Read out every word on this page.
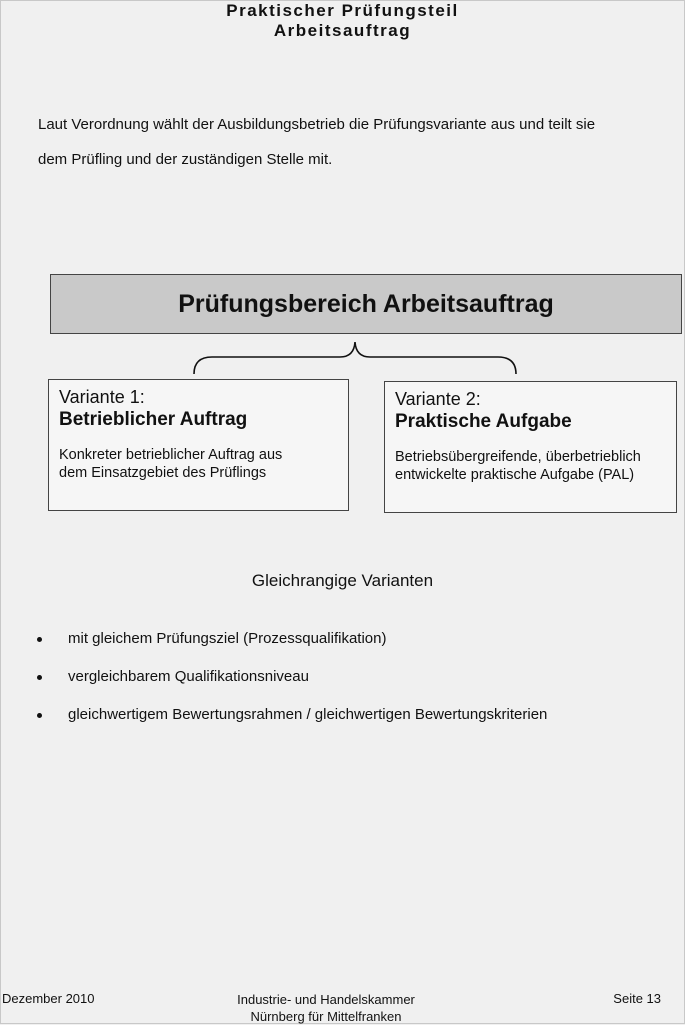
Praktischer Prüfungsteil
Arbeitsauftrag
Laut Verordnung wählt der Ausbildungsbetrieb die Prüfungsvariante aus und teilt sie
dem Prüfling und der zuständigen Stelle mit.
Prüfungsbereich Arbeitsauftrag
Variante 1:
Betrieblicher Auftrag
Konkreter betrieblicher Auftrag aus
dem Einsatzgebiet des Prüflings
Variante 2:
Praktische Aufgabe
Betriebsübergreifende, überbetrieblich
entwickelte praktische Aufgabe (PAL)
Gleichrangige Varianten
mit gleichem Prüfungsziel (Prozessqualifikation)
vergleichbarem Qualifikationsniveau
gleichwertigem Bewertungsrahmen / gleichwertigen Bewertungskriterien
Dezember 2010	Industrie- und Handelskammer
Nürnberg für Mittelfranken
Seite 13
